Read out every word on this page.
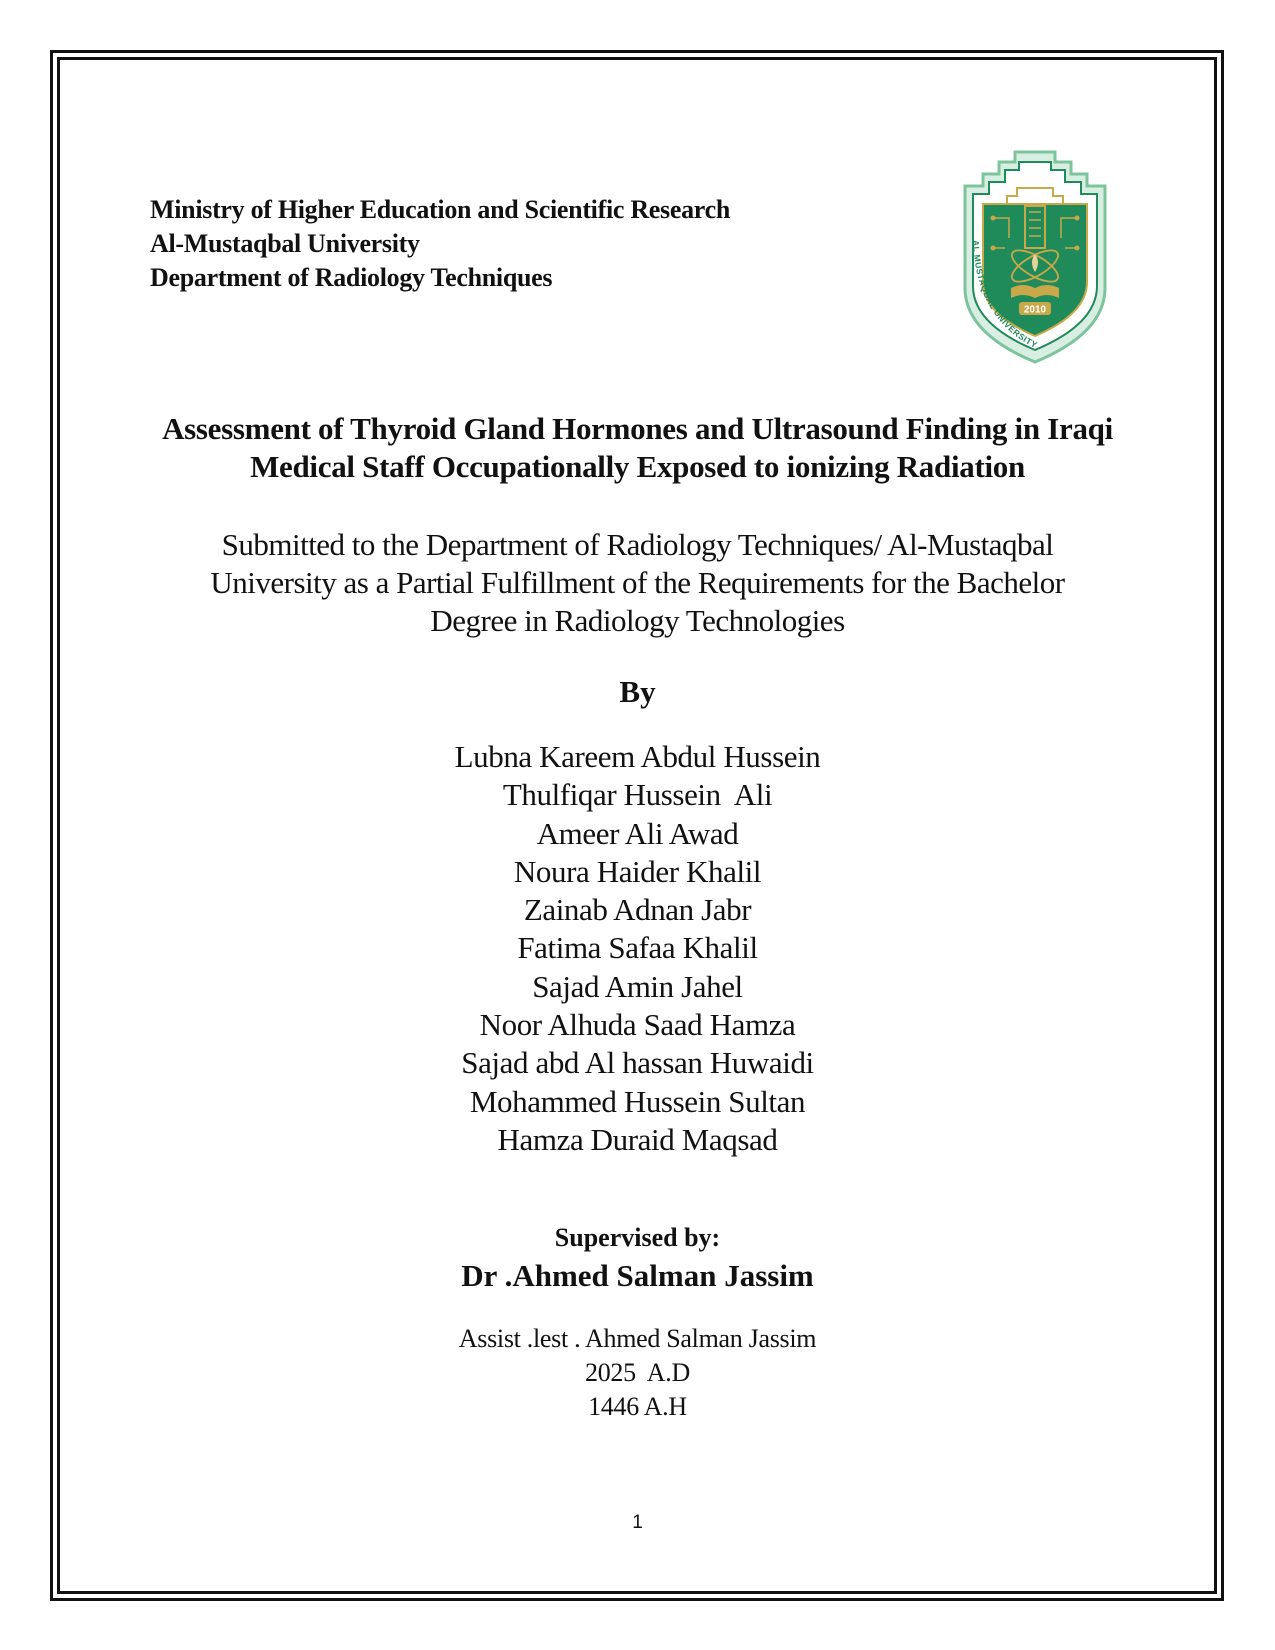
Ministry of Higher Education and Scientific Research
Al-Mustaqbal University
Department of Radiology Techniques
2010
AL MUSTAQBAL UNIVERSITY
Assessment of Thyroid Gland Hormones and Ultrasound Finding in Iraqi
Medical Staff Occupationally Exposed to ionizing Radiation
Submitted to the Department of Radiology Techniques/ Al-Mustaqbal
University as a Partial Fulfillment of the Requirements for the Bachelor
Degree in Radiology Technologies
By
Lubna Kareem Abdul Hussein
Thulfiqar Hussein  Ali
Ameer Ali Awad
Noura Haider Khalil
Zainab Adnan Jabr
Fatima Safaa Khalil
Sajad Amin Jahel
Noor Alhuda Saad Hamza
Sajad abd Al hassan Huwaidi
Mohammed Hussein Sultan
Hamza Duraid Maqsad
Supervised by:
Dr .Ahmed Salman Jassim
Assist .lest . Ahmed Salman Jassim
2025  A.D
1446 A.H
1
